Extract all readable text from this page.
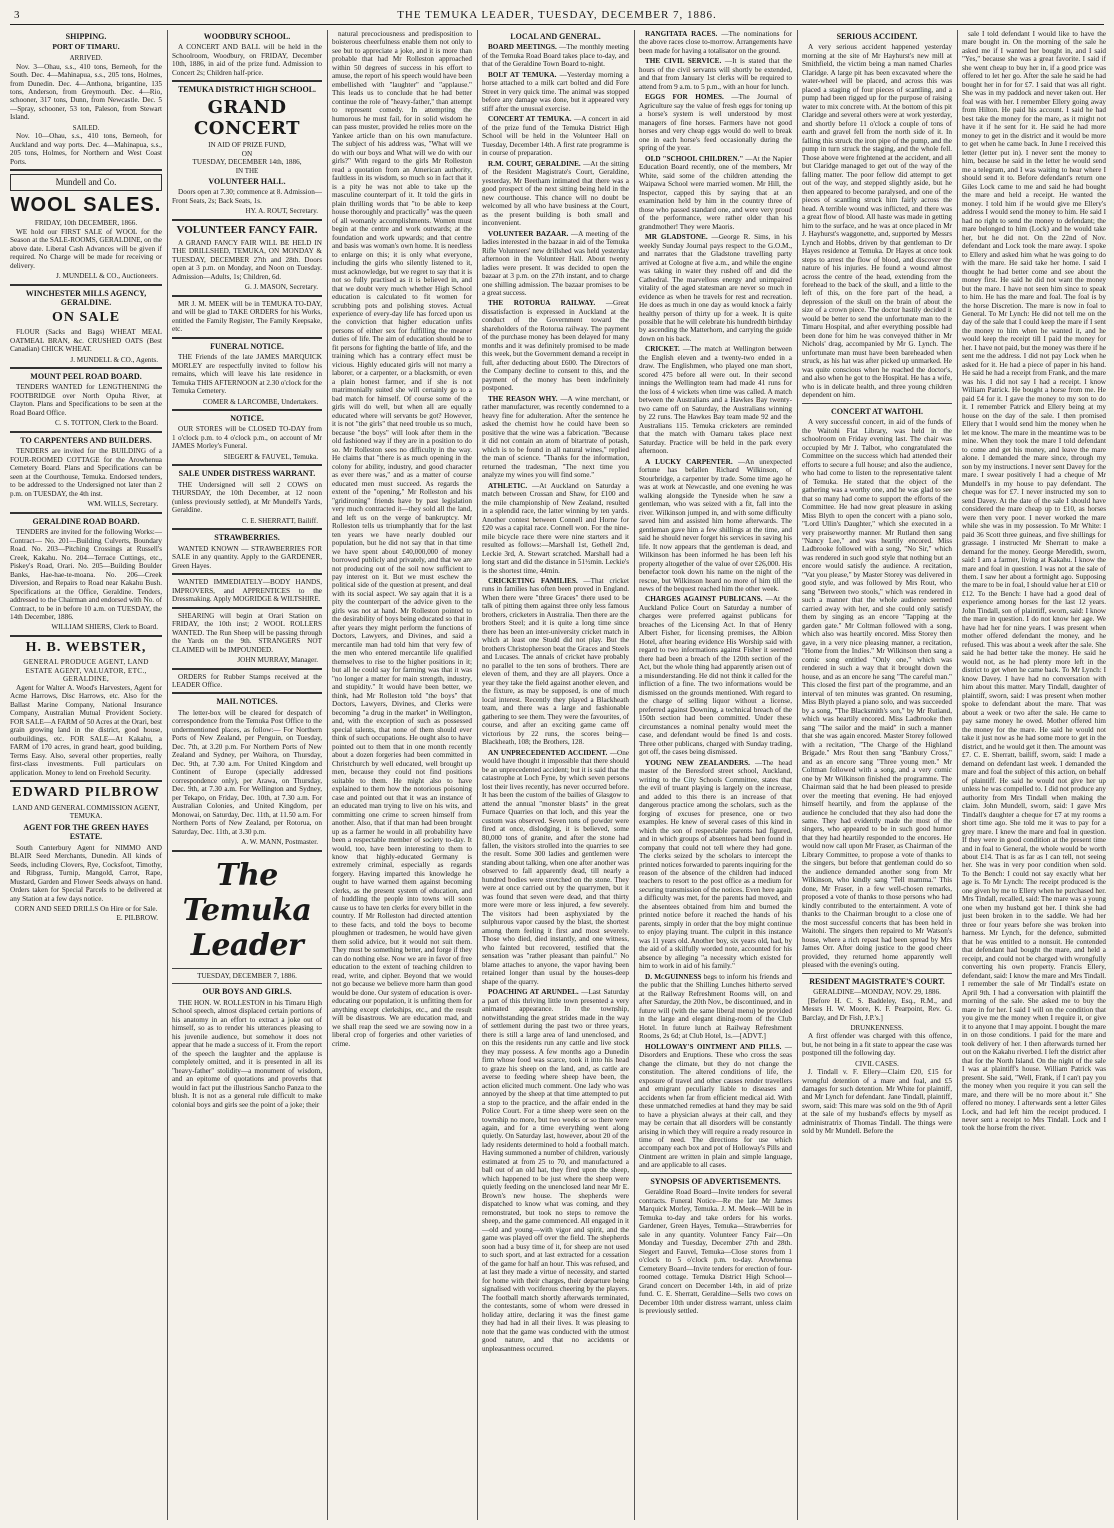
3	THE TEMUKA LEADER, TUESDAY, DECEMBER 7, 1886.
SHIPPING.
PORT OF TIMARU.
ARRIVED.

Nov. 3—Ohau, s.s., 410 tons, Berneoh, for the South. Dec. 4—Mahinapua, s.s., 205 tons, Holmes, from Dunedin. Dec. 4—Anthona, brigantine, 135 tons, Anderson, from Greymouth. Dec. 4—Rio, schooner, 317 tons, Dunn, from Newcastle. Dec. 5—Spray, schooner, 53 ton, Paleson, from Stewart Island.

SAILED.

Nov. 10—Ohau, s.s., 410 tons, Berneoh, for Auckland and way ports. Dec. 4—Mahinapua, s.s., 205 tons, Holmes, for Northern and West Coast Ports.

Mundell and Co.
WOOL SALES.
FRIDAY, 10th DECEMBER, 1866.

WE hold our FIRST SALE of WOOL for the Season at the SALE-ROOMS, GERALDINE, on the above date. Liberal Cash Advances will be given if required. No Charge will be made for receiving or delivery.

J. MUNDELL & CO., Auctioneers.
WINCHESTER MILLS AGENCY, GERALDINE.
ON SALE

FLOUR (Sacks and Bags) WHEAT MEAL OATMEAL BRAN, &c. CRUSHED OATS (Best Canadian) CHICK WHEAT.

J. MUNDELL & CO., Agents.
MOUNT PEEL ROAD BOARD.

TENDERS WANTED for LENGTHENING the FOOTBRIDGE over North Opuha River, at Clayton. Plans and Specifications to be seen at the Road Board Office.

C. S. TOTTON, Clerk to the Board.
TO CARPENTERS AND BUILDERS.

TENDERS are invited for the BUILDING of a FOUR-ROOMED COTTAGE for the Arowhenua Cemetery Board. Plans and Specifications can be seen at the Courthouse, Temuka. Endorsed tenders, to be addressed to the Undersigned not later than 2 p.m. on TUESDAY, the 4th inst.

WM. WILLS, Secretary.
GERALDINE ROAD BOARD.

TENDERS are invited for the following Works:— Contract— No. 201—Building Culverts, Boundary Road. No. 203—Pitching Crossings at Russell's Creek, Kakahu. No. 204—Terrace Cuttings, etc., Piskey's Road, Orari. No. 205—Building Boulder Banks, Hae-hae-te-moana. No. 206—Creek Diversion, and Repairs to Road near Kakahu Bush. Specifications at the Office, Geraldine. Tenders, addressed to the Chairman and endorsed with No. of Contract, to be in before 10 a.m. on TUESDAY, the 14th December, 1886.

WILLIAM SHIERS, Clerk to Board.
H. B. WEBSTER,
GENERAL PRODUCE AGENT, LAND ESTATE AGENT, VALUATOR, ETC., GERALDINE,

Agent for Walter A. Wood's Harvesters, Agent for Acme Harrows, Disc Harrows, etc. Also for the Ballast Marine Company, National Insurance Company, Australian Mutual Provident Society. FOR SALE—A FARM of 50 Acres at the Orari, best grain growing land in the district, good house, outbuildings, etc. FOR SALE—At Kakahu, a FARM of 170 acres, in grand heart, good building, Terms Easy. Also, several other properties, really first-class investments. Full particulars on application. Money to lend on Freehold Security.

EDWARD PILBROW
LAND AND GENERAL COMMISSION AGENT, TEMUKA.
AGENT FOR THE GREEN HAYES ESTATE.

South Canterbury Agent for NIMMO AND BLAIR Seed Merchants, Dunedin. All kinds of Seeds, including Clovers, Rye, Cocksfoot, Timothy, and Ribgrass, Turnip, Mangold, Carrot, Rape, Mustard, Garden and Flower Seeds always on hand. Orders taken for Special Parcels to be delivered at any Station at a few days notice.

CORN AND SEED DRILLS On Hire or for Sale.
E. PILBROW.
WOODBURY SCHOOL.

A CONCERT AND BALL will be held in the Schoolroom, Woodbury, on FRIDAY, December 10th, 1886, in aid of the prize fund. Admission to Concert 2s; Children half-price.

TEMUKA DISTRICT HIGH SCHOOL.
GRAND CONCERT
IN AID OF PRIZE FUND,
ON
TUESDAY, DECEMBER 14th, 1886,
IN THE
VOLUNTEER HALL.

Doors open at 7.30; commence at 8. Admission—Front Seats, 2s; Back Seats, 1s.

HY. A. ROUT, Secretary.
VOLUNTEER FANCY FAIR.

A GRAND FANCY FAIR WILL BE HELD IN THE DRILLSHED, TEMUKA, ON MONDAY & TUESDAY, DECEMBER 27th and 28th. Doors open at 3 p.m. on Monday, and Noon on Tuesday. Admission—Adults, 1s; Children, 6d.

G. J. MASON, Secretary.

MR J. M. MEEK will be in TEMUKA TO-DAY, and will be glad to TAKE ORDERS for his Works, entitled the Family Register, The Family Keepsake, etc.

FUNERAL NOTICE.

THE Friends of the late JAMES MARQUICK MORLEY are respectfully invited to follow his remains, which will leave his late residence in Temuka THIS AFTERNOON at 2.30 o'clock for the Temuka Cemetery.

COMER & LARCOMBE, Undertakers.
NOTICE.

OUR STORES will be CLOSED TO-DAY from 1 o'clock p.m. to 4 o'clock p.m., on account of Mr JAMES Morley's Funeral.

SIEGERT & FAUVEL, Temuka.
SALE UNDER DISTRESS WARRANT.

THE Undersigned will sell 2 COWS on THURSDAY, the 10th December, at 12 noon (unless previously settled), at Mr Mundell's Yards, Geraldine.

C. E. SHERRATT, Bailiff.
STRAWBERRIES.

WANTED KNOWN — STRAWBERRIES FOR SALE in any quantity. Apply to the GARDENER, Green Hayes.

WANTED IMMEDIATELY—BODY HANDS, IMPROVERS, and APPRENTICES to the Dressmaking. Apply MOGRIDGE & WILTSHIRE.

SHEARING will begin at Orari Station on FRIDAY, the 10th inst; 2 WOOL ROLLERS WANTED. The Run Sheep will be passing through the Yards on the 9th. STRANGERS NOT CLAIMED will be IMPOUNDED.

JOHN MURRAY, Manager.

ORDERS for Rubber Stamps received at the LEADER Office.

MAIL NOTICES.

The letter-box will be cleared for despatch of correspondence from the Temuka Post Office to the undermentioned places, as follow:— For Northern Ports of New Zealand, per Penguin, on Tuesday, Dec. 7th, at 3.20 p.m. For Northern Ports of New Zealand and Sydney, per Waihora, on Thursday, Dec. 9th, at 7.30 a.m. For United Kingdom and Continent of Europe (specially addressed correspondence only), per Arawa, on Thursday, Dec. 9th, at 7.30 a.m. For Wellington and Sydney, per Tekapo, on Friday, Dec. 10th, at 7.30 a.m. For Australian Colonies, and United Kingdom, per Monowai, on Saturday, Dec. 11th, at 11.50 a.m. For Northern Ports of New Zealand, per Rotorua, on Saturday, Dec. 11th, at 3.30 p.m.

A. W. MANN, Postmaster.
The Temuka Leader
TUESDAY, DECEMBER 7, 1886.
OUR BOYS AND GIRLS.

THE HON. W. ROLLESTON in his Timaru High School speech, almost displaced certain portions of his anatomy in an effort to extract a joke out of himself, so as to render his utterances pleasing to his juvenile audience, but somehow it does not appear that he made a success of it. From the report of the speech the laughter and the applause is completely omitted, and it is presented in all its "heavy-father" stolidity—a monument of wisdom, and an epitome of quotations and proverbs that would in fact put the illustrious Sancho Panza to the blush. It is not as a general rule difficult to make colonial boys and girls see the point of a joke; their

natural precociousness and predisposition to boisterous cheerfulness enable them not only to see but to appreciate a joke, and it is more than probable that had Mr Rolleston approached within 50 degrees of success in his effort to amuse, the report of his speech would have been embellished with "laughter" and "applause." This leads us to conclude that he had better continue the role of "heavy-father," than attempt to represent comedy. In attempting the humorous he must fail, for in solid wisdom he can pass muster, provided he relies more on the Yankee article than on his own manufacture. The subject of his address was, "What will we do with our boys and What will we do with our girls?" With regard to the girls Mr Rolleston read a quotation from an American authority, faultless in its wisdom, so much so in fact that it is a pity he was not able to take up the masculine counterpart of it. It told the girls in plain thrilling words that "to be able to keep house thoroughly and practically" was the queen of all womanly accomplishments. Women must begin at the centre and work outwards; at the foundation and work upwards; and that centre and basis was woman's own home. It is needless to enlarge on this; it is only what everyone, including the girls who silently listened to it, must acknowledge, but we regret to say that it is not so fully practised as it is believed in, and that we doubt very much whether High School education is calculated to fit women for scrubbing pots and polishing stoves. Actual experience of every-day life has forced upon us the conviction that higher education unfits persons of either sex for fulfilling the meaner duties of life. The aim of education should be to fit persons for fighting the battle of life, and the training which has a contrary effect must be vicious. Highly educated girls will not marry a laborer, or a carpenter, or a blacksmith, or even a plain honest farmer, and if she is not matrimonially suited she will certainly go to a bad match for himself. Of course some of the girls will do well, but when all are equally educated where will servants be got? However, it is not "the girls" that need trouble us so much, because "the boys" will look after them in the old fashioned way if they are in a position to do so. Mr Rolleston sees no difficulty in the way. He claims that "there is as much opening in the colony for ability, industry, and good character as ever there was," and as a matter of course educated men must succeed. As regards the extent of the "opening," Mr Rolleston and his "gridironing" friends have by past legislation very much contracted it—they sold all the land, and left us on the verge of bankruptcy. Mr Rolleston tells us triumphantly that for the last ten years we have nearly doubled our population, but he did not say that in that time we have spent about £40,000,000 of money borrowed publicly and privately, and that we are not producing out of the soil now sufficient to pay interest on it. But we must eschew the political side of the question at present, and deal with its social aspect. We say again that it is a pity the counterpart of the advice given to the girls was not at hand. Mr Rolleston pointed to the desirability of boys being educated so that in after years they might perform the functions of Doctors, Lawyers, and Divines, and said a mercantile man had told him that very few of the men who entered mercantile life qualified themselves to rise to the higher positions in it; but all he could say for farming was that it was "no longer a matter for main strength, industry, and stupidity." It would have been better, we think, had Mr Rolleston told "the boys" that Doctors, Lawyers, Divines, and Clerks were becoming "a drug in the market" in Wellington, and, with the exception of such as possessed special talents, that none of them should ever think of such occupations. He ought also to have pointed out to them that in one month recently about a dozen forgeries had been committed in Christchurch by well educated, well brought up men, because they could not find positions suitable to them. He might also to have explained to them how the notorious poisoning case and pointed out that it was an instance of an educated man trying to live on his wits, and committing one crime to screen himself from another. Also, that if that man had been brought up as a farmer he would in all probability have been a respectable member of society to-day. It would, too, have been interesting to them to know that highly-educated Germany is extremely criminal, especially as regards forgery. Having imparted this knowledge he ought to have warned them against becoming clerks, as the present system of education, and of huddling the people into towns will soon cause us to have ten clerks for every billet in the country. If Mr Rolleston had directed attention to these facts, and told the boys to become ploughmen or tradesmen, he would have given them solid advice, but it would not suit them. They must be something better, and forge if they can do nothing else. Now we are in favor of free education to the extent of teaching children to read, write, and cipher. Beyond that we would not go because we believe more harm than good would be done. Our system of education is over-educating our population, it is unfitting them for anything except clerkships, etc., and the result will be disastrous. We are education mad, and we shall reap the seed we are sowing now in a liberal crop of forgeries and other varieties of crime.

LOCAL AND GENERAL.

BOARD MEETINGS. —The monthly meeting of the Temuka Road Board takes place to-day, and that of the Geraldine Town Board to-night.

BOLT AT TEMUKA. —Yesterday morning a horse attached to a milk cart bolted and did Fore Street in very quick time. The animal was stopped before any damage was done, but it appeared very stiff after the unusual exercise.

CONCERT AT TEMUKA. —A concert in aid of the prize fund of the Temuka District High School will be held in the Volunteer Hall on Tuesday, December 14th. A first rate programme is in course of preparation.

R.M. COURT, GERALDINE. —At the sitting of the Resident Magistrate's Court, Geraldine, yesterday, Mr Beetham intimated that there was a good prospect of the next sitting being held in the new courthouse. This chance will no doubt be welcomed by all who have business at the Court, as the present building is both small and inconvenient.

VOLUNTEER BAZAAR. —A meeting of the ladies interested in the bazaar in aid of the Temuka Rifle Volunteers' new drillshed was held yesterday afternoon in the Volunteer Hall. About twenty ladies were present. It was decided to open the bazaar at 3 p.m. on the 27th instant, and to charge one shilling admission. The bazaar promises to be a great success.

THE ROTORUA RAILWAY. —Great dissatisfaction is expressed in Auckland at the conduct of the Government toward the shareholders of the Rotorua railway. The payment of the purchase money has been delayed for many months and it was definitely promised to be made this week, but the Government demand a receipt in full, after deducting about £600. The Directors of the Company decline to consent to this, and the payment of the money has been indefinitely postponed.

THE REASON WHY. —A wine merchant, or rather manufacturer, was recently condemned to a heavy fine for adulteration. After the sentence he asked the chemist how he could have been so positive that the wine was a fabrication. "Because it did not contain an atom of bitartrate of potash, which is to be found in all natural wines," replied the man of science. "Thanks for the information, returned the tradesman, "The next time you analyze my wines you will find some."

ATHLETIC. —At Auckland on Saturday a match between Crossan and Shaw, for £100 and the mile championship of New Zealand, resulted in a splendid race, the latter winning by ten yards. Another contest between Connell and Horne for £20 was a capital race. Connell won. For the nine-mile bicycle race there were nine starters and it resulted as follows:—Marshall 1st, Gethell 2nd, Leckie 3rd, A. Stewart scratched. Marshall had a long start and did the distance in 51½min. Leckie's is the shortest time, 44min.

CRICKETING FAMILIES. —That cricket runs in families has often been proved in England. When there were "three Graces" there used to be talk of pitting them against three only less famous brothers, cricketers in Australia. Then there are the brothers Steel; and it is quite a long time since there has been an inter-university cricket match in which at least one Studd did not play. But the brothers Christopherson beat the Graces and Steels and Lucases. The annals of cricket have probably no parallel to the ten sons of brothers. There are eleven of them, and they are all players. Once a year they take the field against another eleven, and the fixture, as may be supposed, is one of much local interest. Recently they played a Blackheath team, and there was a large and fashionable gathering to see them. They were the favourites, of course, and after an exciting game came off victorious by 22 runs, the scores being—Blackheath, 108; the Brothers, 128.

AN UNPRECEDENTED ACCIDENT. —One would have thought it impossible that there should be an unprecedented accident; but it is said that the catastrophe at Loch Fyne, by which seven persons lost their lives recently, has never occurred before. It has been the custom of the bailies of Glasgow to attend the annual "monster blasts" in the great Furnace Quarries on that loch, and this year the custom was observed. Seven tons of powder were fired at once, dislodging, it is believed, some 80,000 tons of granite, and after the stone had fallen, the visitors strolled into the quarries to see the result. Some 300 ladies and gentlemen were standing about talking, when one after another was observed to fall apparently dead, till nearly a hundred bodies were stretched on the stone. They were at once carried out by the quarrymen, but it was found that seven were dead, and that thirty more were more or less injured, a few severely. The visitors had been asphyxiated by the sulphurous vapor caused by the blast, the shortest among them feeling it first and most severely. Those who died, died instantly, and one witness, who fainted but recovered, testified that the sensation was "rather pleasant than painful." No blame attaches to anyone, the vapor having been retained longer than usual by the houses-deep shape of the quarry.

POACHING AT ARUNDEL. —Last Saturday a part of this thriving little town presented a very animated appearance. In the township, notwithstanding the great strides made in the way of settlement during the past two or three years, there is still a large area of land unenclosed, and on this the residents run any cattle and live stock they may possess. A few months ago a Dunedin firm whose food was scarce, took it into his head to graze his sheep on the land, and, as cattle are averse to feeding where sheep have been, the action elicited much comment. One lady who was annoyed by the sheep at that time attempted to put a stop to the practice, and the affair ended in the Police Court. For a time sheep were seen on the township no more, but two weeks or so there were again, and for a time everything went along quietly. On Saturday last, however, about 20 of the lady residents determined to hold a football match. Having summoned a number of children, variously estimated at from 25 to 70, and manufactured a ball out of an old hat, they fired upon the sheep, which happened to be just where the sheep were quietly feeding on the unenclosed land near Mr E. Brown's new house. The shepherds were dispatched to know what was coming, and they remonstrated, but took no steps to remove the sheep, and the game commenced. All engaged in it—old and young—with vigor and spirit, and the game was played off over the field. The shepherds soon had a busy time of it, for sheep are not used to such sport, and at last extracted for a cessation of the game for half an hour. This was refused, and at last they made a virtue of necessity, and started for home with their charges, their departure being signalised with vociferous cheering by the players. The football match shortly afterwards terminated, the contestants, some of whom were dressed in holiday attire, declaring it was the finest game they had had in all their lives. It was pleasing to note that the game was conducted with the utmost good nature, and that no accidents or unpleasantness occurred.

RANGITATA RACES. —The nominations for the above races close to-morrow. Arrangements have been made for having a totalisator on the ground.

THE CIVIL SERVICE. —It is stated that the hours of the civil servants will shortly be extended, and that from January 1st clerks will be required to attend from 9 a.m. to 5 p.m., with an hour for lunch.

EGGS FOR HOMES. —The Journal of Agriculture say the value of fresh eggs for toning up a horse's system is well understood by most managers of fine horses. Farmers have not good horses and very cheap eggs would do well to break one in each horse's feed occasionally during the spring of the year.

OLD "SCHOOL CHILDREN." —At the Napier Education Board recently, one of the members, Mr White, said some of the children attending the Waipawa School were married women. Mr Hill, the Inspector, capped this by saying that at an examination held by him in the country three of those who passed standard one, and were very proud of the performance, were rather older than his grandmother! They were Maoris.

MR GLADSTONE. —George R. Sims, in his weekly Sunday Journal pays respect to the G.O.M., and narrates that the Gladstone travelling party arrived at Cologne at five a.m., and while the engine was taking in water they rushed off and did the Cathedral. The marvellous energy and unimpaired vitality of the aged statesman are never so much in evidence as when he travels for rest and recreation. He does as much in one day as would knock a fairly healthy person of thirty up for a week. It is quite possible that he will celebrate his hundredth birthday by ascending the Matterhorn, and carrying the guide down on his back.

CRICKET. —The match at Wellington between the English eleven and a twenty-two ended in a draw. The Englishmen, who played one man short, scored 475 before all were out. In their second innings the Wellington team had made 41 runs for the loss of 4 wickets when time was called. A match between the Australians and a Hawkes Bay twenty-two came off on Saturday, the Australians winning by 22 runs. The Hawkes Bay team made 92 and the Australians 115. Temuka cricketers are reminded that the match with Oamaru takes place next Saturday. Practice will be held in the park every afternoon.

A LUCKY CARPENTER. —An unexpected fortune has befallen Richard Wilkinson, of Stourbridge, a carpenter by trade. Some time ago he was at work at Newcastle, and one evening he was walking alongside the Tyneside when he saw a gentleman, who was seized with a fit, fall into the river. Wilkinson jumped in, and with some difficulty saved him and assisted him home afterwards. The gentleman gave him a few shillings at the time, and said he should never forget his services in saving his life. It now appears that the gentleman is dead, and Wilkinson has been informed he has been left his property altogether of the value of over £26,000. His benefactor took down his name on the night of the rescue, but Wilkinson heard no more of him till the news of the bequest reached him the other week.

CHARGES AGAINST PUBLICANS. —At the Auckland Police Court on Saturday a number of charges were preferred against publicans for breaches of the Licensing Act. In that of Henry Albert Fisher, for licensing premises, the Albion Hotel, after hearing evidence His Worship said with regard to two informations against Fisher it seemed there had been a breach of the 120th section of the Act, but the whole thing had apparently arisen out of a misunderstanding. He did not think it called for the infliction of a fine. The two informations would be dismissed on the grounds mentioned. With regard to the charge of selling liquor without a license, preferred against Downing, a technical breach of the 150th section had been committed. Under these circumstances a nominal penalty would meet the case, and defendant would be fined 1s and costs. Three other publicans, charged with Sunday trading, got off, the cases being dismissed.

YOUNG NEW ZEALANDERS. —The head master of the Beresford street school, Auckland, writing to the City Schools Committee, states that the evil of truant playing is largely on the increase, and added to this there is an increase of that dangerous practice among the scholars, such as the forging of excuses for presence, one or two examples. He knew of several cases of this kind in which the son of respectable parents had figured, and in which groups of absentees had been found in company that could not tell where they had gone. The clerks seized by the scholars to intercept the printed notices forwarded to parents inquiring for the reason of the absence of the children had induced teachers to resort to the post office as a medium for securing transmission of the notices. Even here again a difficulty was met, for the parents had moved, and the absentees obtained from him and burned the printed notice before it reached the hands of his parents, simply in order that the boy might continue to enjoy playing truant. The culprit in this instance was 11 years old. Another boy, six years old, had, by the aid of a skilfully worded note, accounted for his absence by alleging "a necessity which existed for him to work in aid of his family."

D. McGUINNESS begs to inform his friends and the public that the Shilling Lunches hitherto served at the Railway Refreshment Rooms will, on and after Saturday, the 20th Nov., be discontinued, and in future will (with the same liberal menu) be provided in the large and elegant dining-room of the Club Hotel. In future lunch at Railway Refreshment Rooms, 2s 6d; at Club Hotel, 1s.—[ADVT.]

HOLLOWAY'S OINTMENT AND PILLS. —Disorders and Eruptions. These who cross the seas change the climate, but they do not change the constitution. The altered conditions of life, the exposure of travel and other causes render travellers and emigrant peculiarly liable to diseases and accidents when far from efficient medical aid. With these unmatched remedies at hand they may be said to have a physician always at their call, and they may be certain that all disorders will be constantly arising in which they will require a ready resource in time of need. The directions for use which accompany each box and pot of Holloway's Pills and Ointment are written in plain and simple language, and are applicable to all cases.

SYNOPSIS OF ADVERTISEMENTS.

Geraldine Road Board—Invite tenders for several contracts. Funeral Notice—Re the late Mr James Marquick Morley, Temuka. J. M. Meek—Will be in Temuka to-day and take orders for his works. Gardener, Green Hayes, Temuka—Strawberries for sale in any quantity. Volunteer Fancy Fair—On Monday and Tuesday, December 27th and 28th. Siegert and Fauvel, Temuka—Close stores from 1 o'clock to 5 o'clock p.m. to-day. Arowhenua Cemetery Board—Invite tenders for erection of four-roomed cottage. Temuka District High School—Grand concert on December 14th, in aid of prize fund. C. E. Sherratt, Geraldine—Sells two cows on December 10th under distress warrant, unless claim is previously settled.

SERIOUS ACCIDENT.

A very serious accident happened yesterday morning at the site of Mr Hayhurst's new mill at Smithfield, the victim being a man named Charles Claridge. A large pit has been excavated where the water-wheel will be placed, and across this was placed a staging of four pieces of scantling, and a pump had been rigged up for the purpose of raising water to mix concrete with. At the bottom of this pit Claridge and several others were at work yesterday, and shortly before 11 o'clock a couple of tons of earth and gravel fell from the north side of it. In falling this struck the iron pipe of the pump, and the pump in turn struck the staging, and the whole fell. Those above were frightened at the accident, and all but Claridge managed to get out of the way of the falling matter. The poor fellow did attempt to get out of the way, and stepped slightly aside, but he then appeared to become paralysed, and one of the pieces of scantling struck him fairly across the head. A terrible wound was inflicted, and there was a great flow of blood. All haste was made in getting him to the surface, and he was at once placed in Mr J. Hayhurst's waggonette, and, supported by Messrs Lynch and Hobbs, driven by that gentleman to Dr Hayes residence at Temuka. Dr Hayes at once took steps to arrest the flow of blood, and discover the nature of his injuries. He found a wound almost across the centre of the head, extending from the forehead to the back of the skull, and a little to the left of this, on the fore part of the head, a depression of the skull on the brain of about the size of a crown piece. The doctor hastily decided it would be better to send the unfortunate man to the Timaru Hospital, and after everything possible had been done for him he was conveyed thither in Mr Nichols' drag, accompanied by Mr G. Lynch. The unfortunate man must have been bareheaded when struck, as his hat was after picked up unmarked. He was quite conscious when he reached the doctor's, and also when he got to the Hospital. He has a wife, who is in delicate health, and three young children dependent on him.

CONCERT AT WAITOHI.

A very successful concert, in aid of the funds of the Waitohi Flat Library, was held in the schoolroom on Friday evening last. The chair was occupied by Mr J. Talbot, who congratulated the Committee on the success which had attended their efforts to secure a full house; and also the audience, who had come to listen to the representative talent of Temuka. He stated that the object of the gathering was a worthy one, and he was glad to see that so many had come to support the efforts of the Committee. He had now great pleasure in asking Miss Blyth to open the concert with a piano solo, "Lord Ullin's Daughter," which she executed in a very praiseworthy manner. Mr Rutland then sang "Nancy Lee," and was heartily encored. Miss Ladbrooke followed with a song, "No Sir," which was rendered in such good style that nothing but an encore would satisfy the audience. A recitation, "Vat you please," by Master Storey was delivered in good style, and was followed by Mrs Rout, who sang "Between two stools," which was rendered in such a manner that the whole audience seemed carried away with her, and she could only satisfy them by singing as an encore "Tapping at the garden gate." Mr Coltman followed with a song, which also was heartily encored. Miss Storey then gave, in a very nice pleasing manner, a recitation, "Home from the Indies." Mr Wilkinson then sang a comic song entitled "Only one," which was rendered in such a way that it brought down the house, and as an encore he sang "The careful man." This closed the first part of the programme, and an interval of ten minutes was granted. On resuming, Miss Blyth played a piano solo, and was succeeded by a song, "The Blacksmith's son," by Mr Rutland, which was heartily encored. Miss Ladbrooke then sang "The sailor and the maid" in such a manner that she was again encored. Master Storey followed with a recitation, "The Charge of the Highland Brigade." Mrs Rout then sang "Banbury Cross," and as an encore sang "Three young men." Mr Coltman followed with a song, and a very comic one by Mr Wilkinson finished the programme. The Chairman said that he had been pleased to preside over the meeting that evening. He had enjoyed himself heartily, and from the applause of the audience he concluded that they also had done the same. They had evidently made the most of the singers, who appeared to be in such good humor that they had heartily responded to the encores. He would now call upon Mr Fraser, as Chairman of the Library Committee, to propose a vote of thanks to the singers, but before that gentleman could do so the audience demanded another song from Mr Wilkinson, who kindly sang "Tell mamma." This done, Mr Fraser, in a few well-chosen remarks, proposed a vote of thanks to those persons who had kindly contributed to the entertainment. A vote of thanks to the Chairman brought to a close one of the most successful concerts that has been held in Waitohi. The singers then repaired to Mr Watson's house, where a rich repast had been spread by Mrs James Orr. After doing justice to the good cheer provided, they returned home apparently well pleased with the evening's outing.

RESIDENT MAGISTRATE'S COURT.
GERALDINE—MONDAY, NOV. 29, 1886.

[Before H. C. S. Baddeley, Esq., R.M., and Messrs H. W. Moore, K. F. Pearpoint, Rev. G. Barclay, and Dr Fish, J.P.'s.]

DRUNKENNESS.

A first offender was charged with this offence, but, he not being in a fit state to appear the case was postponed till the following day.

CIVIL CASES.

J. Tindall v. F. Ellery—Claim £20, £15 for wrongful detention of a mare and foal, and £5 damages for such detention. Mr White for plaintiff, and Mr Lynch for defendant. Jane Tindall, plaintiff, sworn, said: This mare was sold on the 9th of April at the sale of my husband's effects by myself as administratrix of Thomas Tindall. The things were sold by Mr Mundell. Before the

sale I told defendant I would like to have the mare bought in. On the morning of the sale he asked me if I wanted her bought in, and I said "Yes," because she was a great favorite. I said if she went cheap to buy her in, if a good price was offered to let her go. After the sale he said he had bought her in for for £7. I said that was all right. She was in my paddock and never taken out. Her foal was with her. I remember Ellery going away from Hilton. He paid his account. I said he had best take the money for the mare, as it might not have it if he sent for it. He said he had more money to get in the district and it would be more to get when he came back. In June I received this letter (letter put in). I never sent the money to him, because he said in the letter he would send me a telegram, and I was waiting to hear where I should send it to. Before defendant's return one Giles Lock came to me and said he had bought the mare and held a receipt. He wanted the money. I told him if he would give me Ellery's address I would send the money to him. He said I had no right to send the money to defendant; the mare belonged to him (Lock) and he would take her, but he did not. On the 22nd of Nov. defendant and Lock took the mare away. I spoke to Ellery and asked him what he was going to do with the mare. He said take her home. I said I thought he had better come and see about the money first. He said he did not want the money but the mare. I have not seen him since to speak to him. He has the mare and foal. The foal is by the horse Discretion. The mare is now in foal to General. To Mr Lynch: He did not tell me on the day of the sale that I could keep the mare if I sent the money to him when he wanted it, and he would keep the receipt till I paid the money for her. I have not paid, but the money was there if he sent me the address. I did not pay Lock when he asked for it. He had a piece of paper in his hand. He said he had a receipt from Frank, and the mare was his. I did not say I had a receipt. I know William Patrick. He bought a horse from me. He paid £4 for it. I gave the money to my son to do it. I remember Patrick and Ellery being at my house on the day of the sale. I then promised Ellery that I would send him the money when he let me know. The mare in the meantime was to be mine. When they took the mare I told defendant to come and get his money, and leave the mare alone. I demanded the mare since, through my son by my instructions. I never sent Davey for the mare. I swear positively I had a cheque of Mr Mundell's in my house to pay defendant. The cheque was for £7. I never instructed my son to send Davey. At the date of the sale I should have considered the mare cheap up to £10, as horses were then very poor. I never worked the mare while she was in my possession. To Mr White: I paid 36 Scott three guineas, and five shillings for grassage. I instructed Mr Sherratt to make a demand for the money. George Meredith, sworn, said: I am a farmer, living at Kakahu. I know the mare and foal in question. I was not at the sale of them. I saw her about a fortnight ago. Supposing the mare to be in foal, I should value her at £10 or £12. To the Bench: I have had a good deal of experience among horses for the last 12 years. John Tindall, son of plaintiff, sworn, said: I know the mare in question. I do not know her age. We have had her for nine years. I was present when mother offered defendant the money, and he refused. This was about a week after the sale. She said he had better take the money. He said he would not, as he had plenty more left in the district to get when he came back. To Mr Lynch: I know Davey. I have had no conversation with him about this matter. Mary Tindall, daughter of plaintiff, sworn, said: I was present when mother spoke to defendant about the mare. That was about a week or two after the sale. He came to pay same money he owed. Mother offered him the money for the mare. He said he would not take it just now as he had some more to get in the district, and he would get it then. The amount was £7. C. E. Sherratt, bailiff, sworn, said: I made a demand on defendant last week. I demanded the mare and foal the subject of this action, on behalf of plaintiff. He said he would not give her up unless he was compelled to. I did not produce any authority from Mrs Tindall when making the claim. John Mundell, sworn, said: I gave Mrs Tindall's daughter a cheque for £7 at my rooms a short time ago. She told me it was to pay for a grey mare. I knew the mare and foal in question. If they were in good condition at the present time and in foal to General, the whole would be worth about £14. That is as far as I can tell, not seeing her. She was in very poor condition when sold. To the Bench: I could not say exactly what her age is. To Mr Lynch: The receipt produced is the one given by me to Ellery when he purchased her. Mrs Tindall, recalled, said: The mare was a young one when my husband got her. I think she had just been broken in to the saddle. We had her three or four years before she was broken into harness. Mr Lynch, for the defence, submitted that he was entitled to a nonsuit. He contended that defendant had bought the mare, and held a receipt, and could not be charged with wrongfully converting his own property. Francis Ellery, defendant, said: I know the mare and Mrs Tindall. I remember the sale of Mr Tindall's estate on April 9th. I had a conversation with plaintiff the morning of the sale. She asked me to buy the mare in for her. I said I will on the condition that you give me the money when I require it, or give it to anyone that I may appoint. I bought the mare in on those conditions. I paid for the mare and took delivery of her. I then afterwards turned her out on the Kakahu riverbed. I left the district after that for the North Island. On the night of the sale I was at plaintiff's house. William Patrick was present. She said, "Well, Frank, if I can't pay you the money when you require it you can sell the mare, and there will be no more about it." She offered no money. I afterwards sent a letter Giles Lock, and had left him the receipt produced. I never sent a receipt to Mrs Tindall. Lock and I took the horse from the river.
